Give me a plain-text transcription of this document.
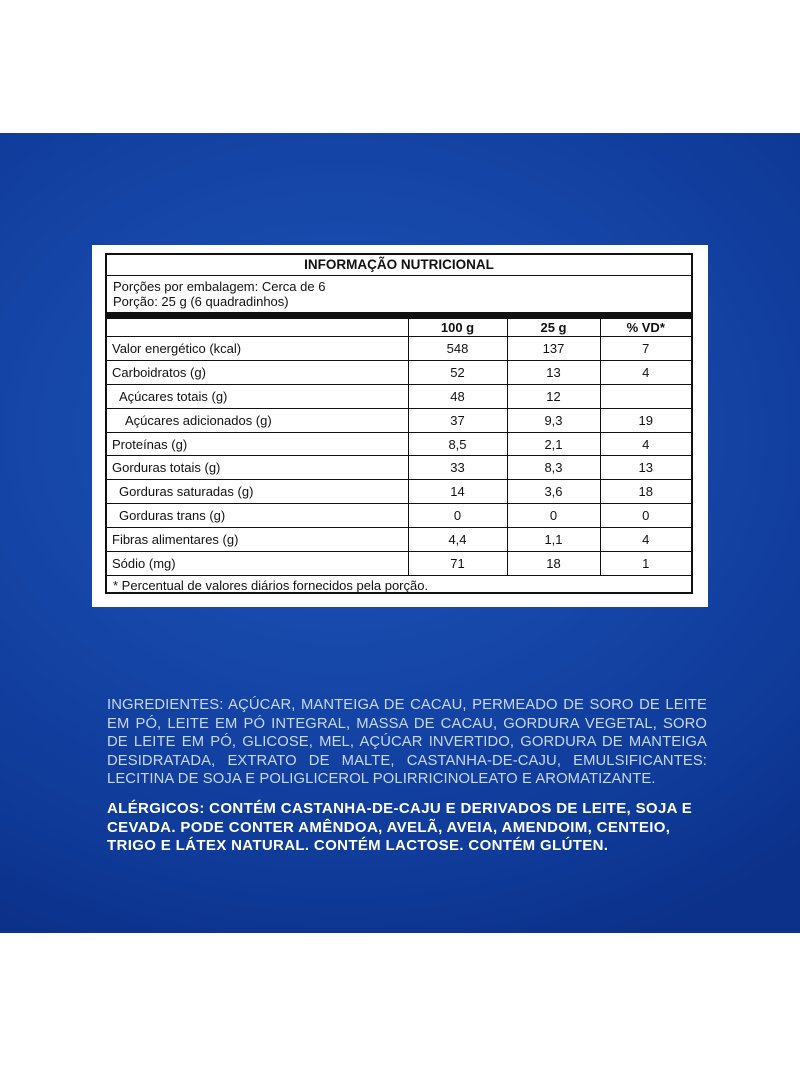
INFORMAÇÃO NUTRICIONAL
Porções por embalagem: Cerca de 6
Porção: 25 g (6 quadradinhos)
	100 g	25 g	% VD*
Valor energético (kcal)	548	137	7
Carboidratos (g)	52	13	4
Açúcares totais (g)	48	12	
Açúcares adicionados (g)	37	9,3	19
Proteínas (g)	8,5	2,1	4
Gorduras totais (g)	33	8,3	13
Gorduras saturadas (g)	14	3,6	18
Gorduras trans (g)	0	0	0
Fibras alimentares (g)	4,4	1,1	4
Sódio (mg)	71	18	1
* Percentual de valores diários fornecidos pela porção.
INGREDIENTES: AÇÚCAR, MANTEIGA DE CACAU, PERMEADO DE SORO DE LEITE EM PÓ, LEITE EM PÓ INTEGRAL, MASSA DE CACAU, GORDURA VEGETAL, SORO DE LEITE EM PÓ, GLICOSE, MEL, AÇÚCAR INVERTIDO, GORDURA DE MANTEIGA DESIDRATADA, EXTRATO DE MALTE, CASTANHA-DE-CAJU, EMULSIFICANTES: LECITINA DE SOJA E POLIGLICEROL POLIRRICINOLEATO E AROMATIZANTE.
ALÉRGICOS: CONTÉM CASTANHA-DE-CAJU E DERIVADOS DE LEITE, SOJA E CEVADA. PODE CONTER AMÊNDOA, AVELÃ, AVEIA, AMENDOIM, CENTEIO, TRIGO E LÁTEX NATURAL. CONTÉM LACTOSE. CONTÉM GLÚTEN.
